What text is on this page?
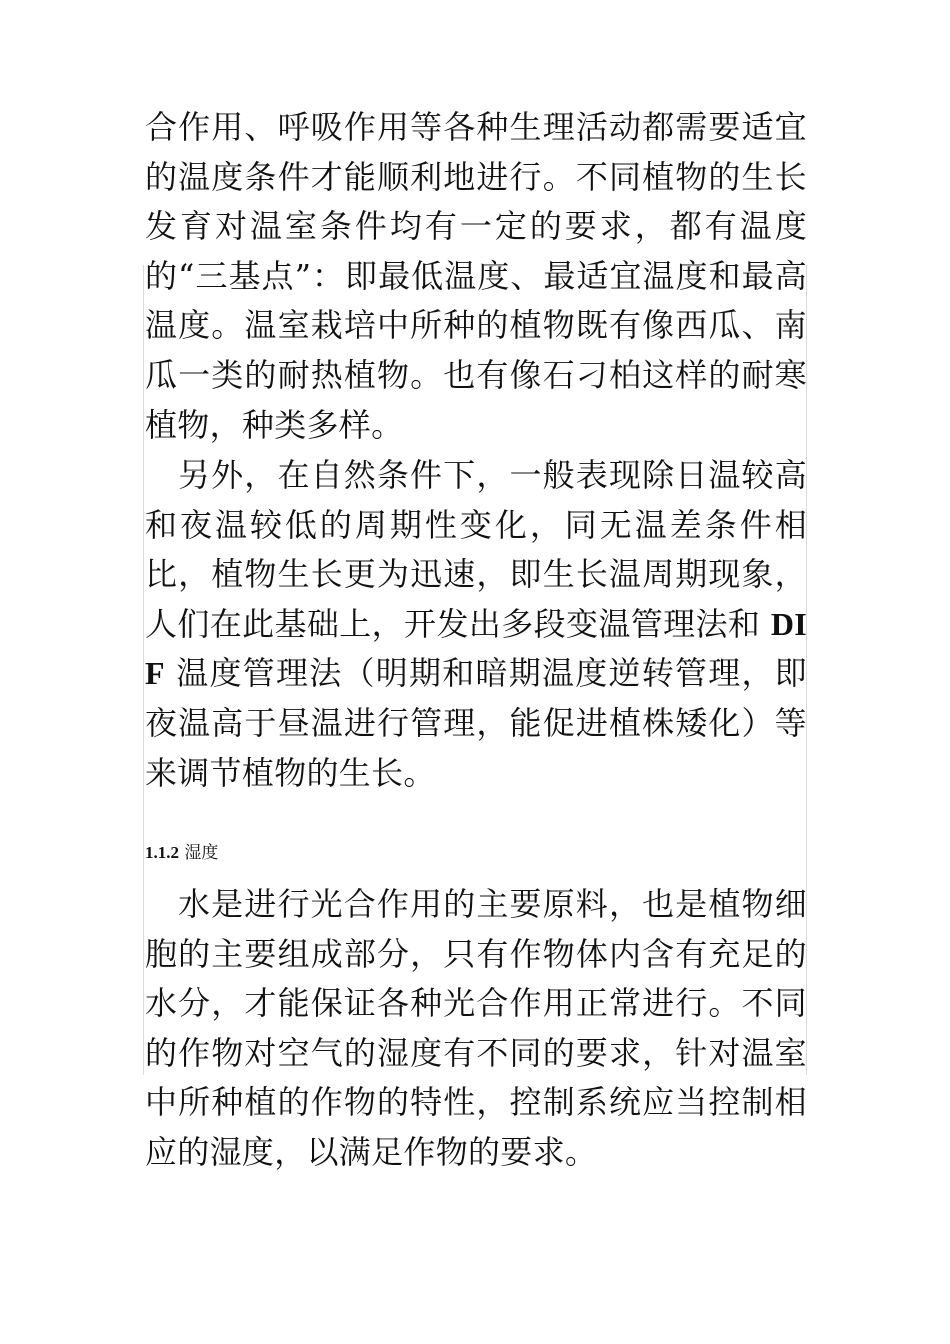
合作用、呼吸作用等各种生理活动都需要适宜的温度条件才能顺利地进行。不同植物的生长发育对温室条件均有一定的要求，都有温度的“三基点”：即最低温度、最适宜温度和最高温度。温室栽培中所种的植物既有像西瓜、南瓜一类的耐热植物。也有像石刁柏这样的耐寒植物，种类多样。

另外，在自然条件下，一般表现除日温较高和夜温较低的周期性变化，同无温差条件相比，植物生长更为迅速，即生长温周期现象，人们在此基础上，开发出多段变温管理法和 DIF 温度管理法（明期和暗期温度逆转管理，即夜温高于昼温进行管理，能促进植株矮化）等来调节植物的生长。

1.1.2 湿度

水是进行光合作用的主要原料，也是植物细胞的主要组成部分，只有作物体内含有充足的水分，才能保证各种光合作用正常进行。不同的作物对空气的湿度有不同的要求，针对温室中所种植的作物的特性，控制系统应当控制相应的湿度，以满足作物的要求。
